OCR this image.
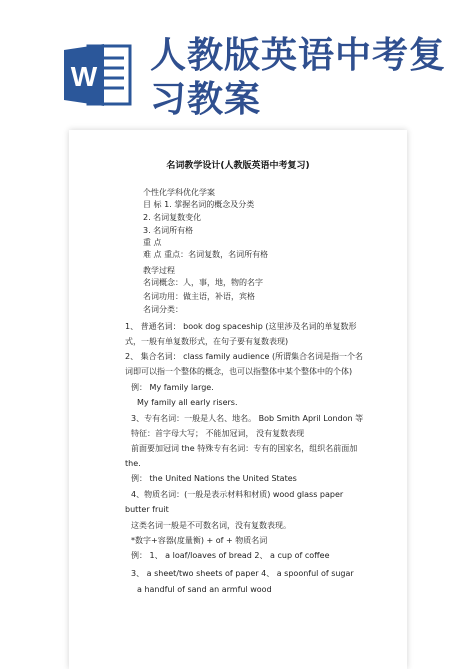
W
人教版英语中考复
习教案
名词教学设计(人教版英语中考复习)
个性化学科优化学案
目 标 1. 掌握名词的概念及分类
2. 名词复数变化
3. 名词所有格
重 点
难 点 重点：名词复数，名词所有格
教学过程
名词概念：人，事，地，物的名字
名词功用：做主语，补语，宾格
名词分类：
1、 普通名词： book dog spaceship (这里涉及名词的单复数形
式，一般有单复数形式，在句子要有复数表现)
2、 集合名词： class family audience (所谓集合名词是指一个名
词即可以指一个整体的概念，也可以指整体中某个整体中的个体)
例： My family large.
My family all early risers.
3、专有名词：一般是人名、地名。 Bob Smith April London 等
特征：首字母大写； 不能加冠词， 没有复数表现
前面要加冠词 the 特殊专有名词：专有的国家名，组织名前面加
the.
例： the United Nations the United States
4、物质名词：(一般是表示材料和材质) wood glass paper
butter fruit
这类名词一般是不可数名词，没有复数表现。
*数字+容器(度量衡) + of + 物质名词
例： 1、 a loaf/loaves of bread 2、 a cup of coffee
3、 a sheet/two sheets of paper 4、 a spoonful of sugar
a handful of sand an armful wood
